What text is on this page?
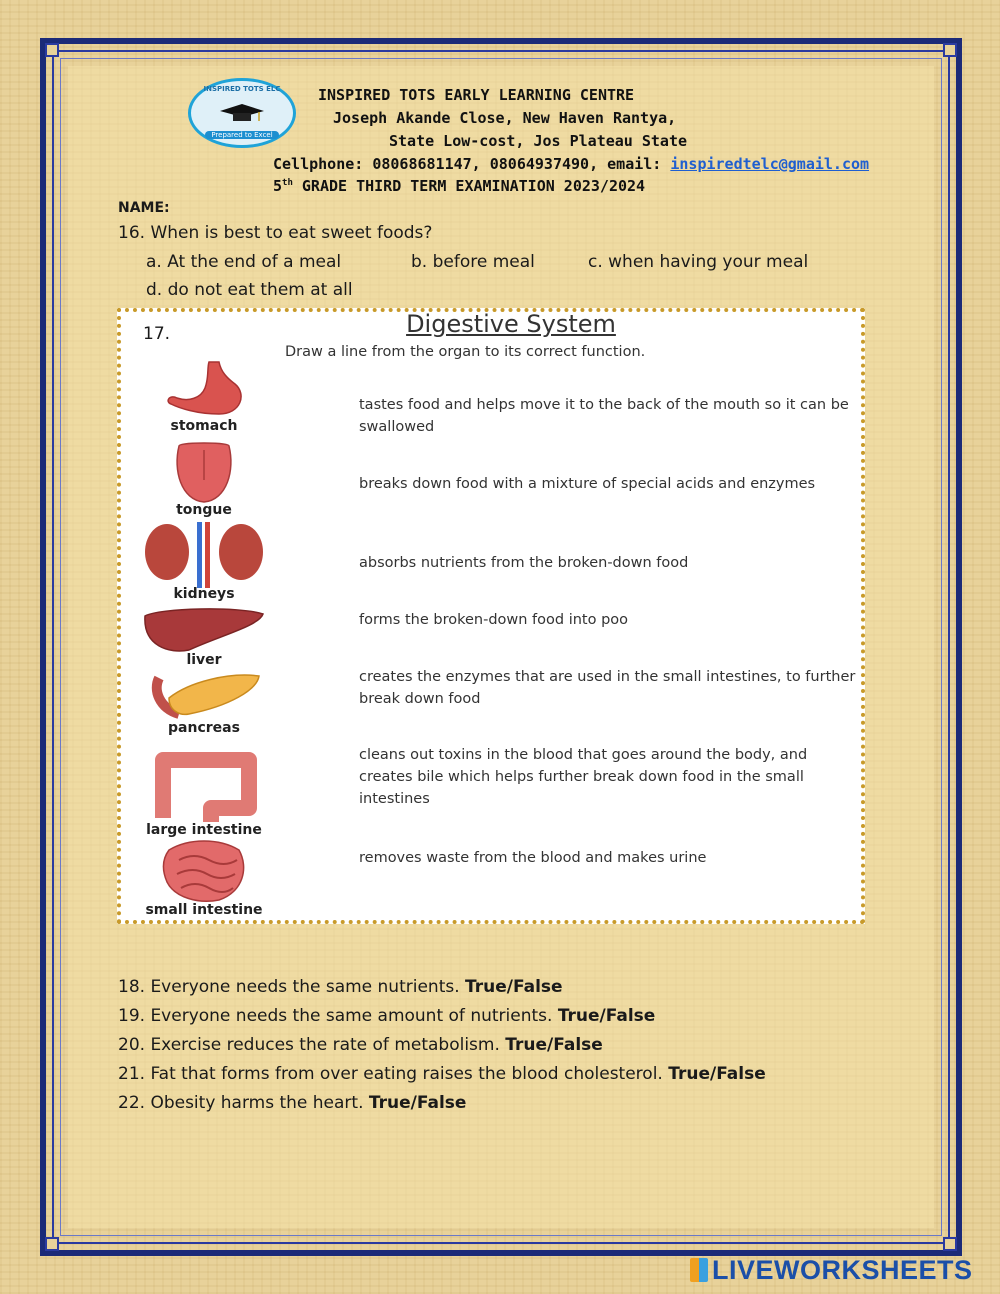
INSPIRED TOTS ELC
Prepared to Excel
INSPIRED TOTS EARLY LEARNING CENTRE
Joseph Akande Close, New Haven Rantya,
State Low-cost, Jos Plateau State
Cellphone: 08068681147, 08064937490, email: inspiredtelc@gmail.com
5th GRADE THIRD TERM EXAMINATION 2023/2024
NAME:
16. When is best to eat sweet foods?
a. At the end of a meal	b. before meal	c. when having your meal
d. do not eat them at all
17.	Digestive System
Draw a line from the organ to its correct function.
stomach
tongue
kidneys
liver
pancreas
large intestine
small intestine
tastes food and helps move it to the back of the mouth so it can be swallowed
breaks down food with a mixture of special acids and enzymes
absorbs nutrients from the broken-down food
forms the broken-down food into poo
creates the enzymes that are used in the small intestines, to further break down food
cleans out toxins in the blood that goes around the body, and creates bile which helps further break down food in the small intestines
removes waste from the blood and makes urine
18. Everyone needs the same nutrients. True/False
19. Everyone needs the same amount of nutrients. True/False
20. Exercise reduces the rate of metabolism. True/False
21. Fat that forms from over eating raises the blood cholesterol. True/False
22. Obesity harms the heart. True/False
LIVEWORKSHEETS
